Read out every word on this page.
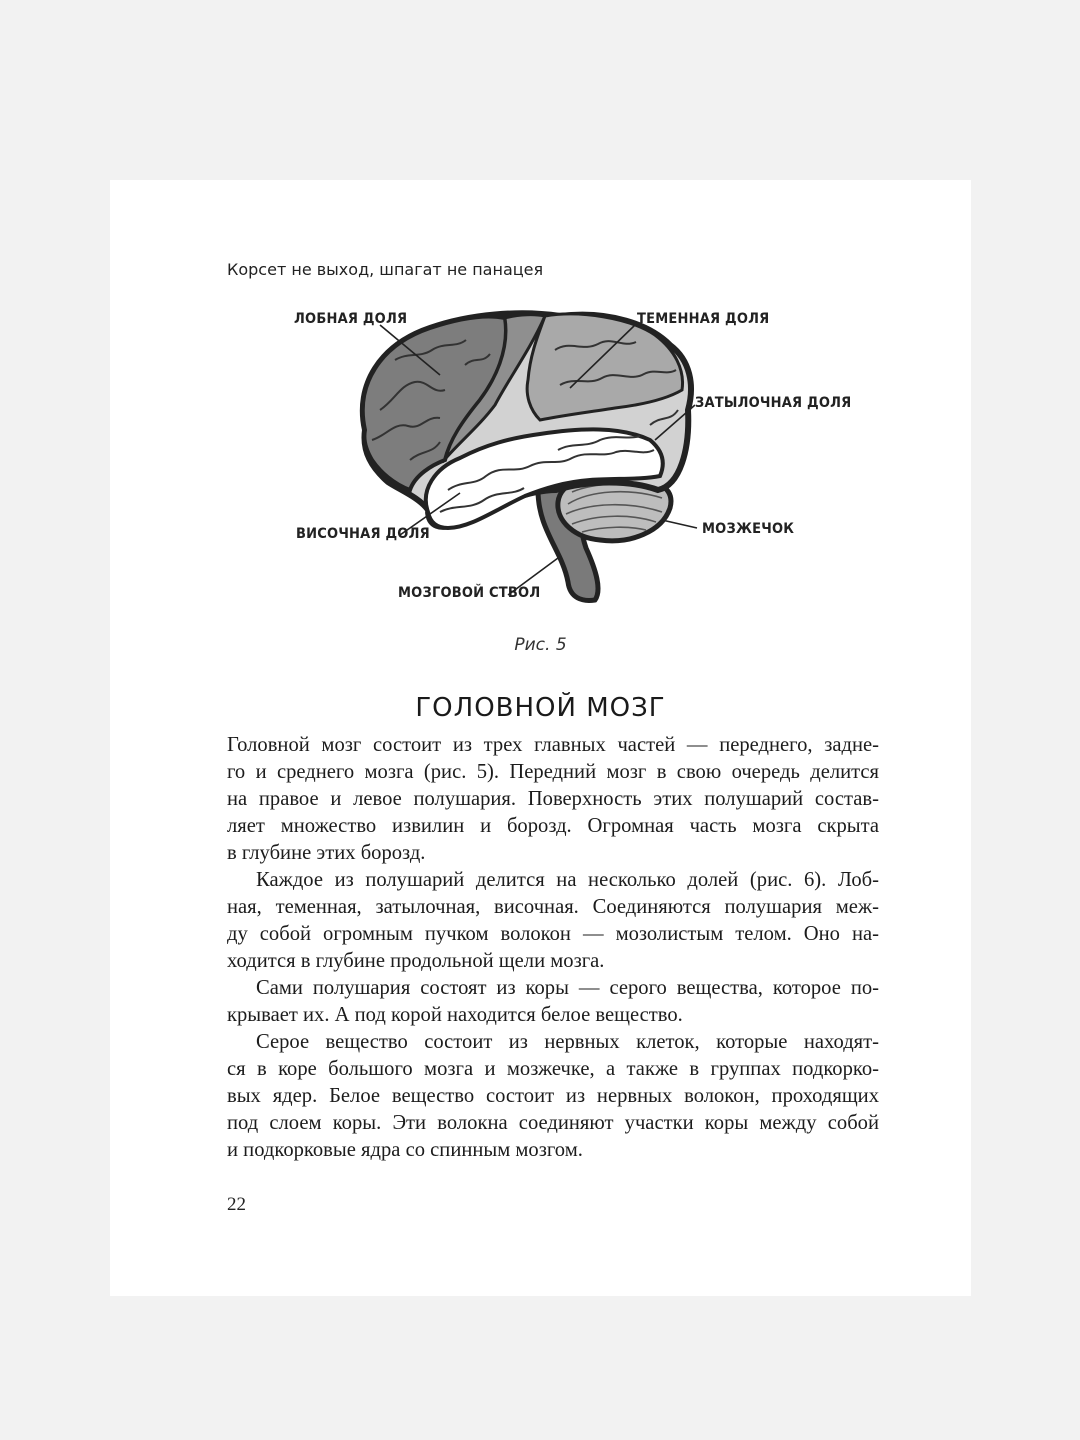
Корсет не выход, шпагат не панацея
ЛОБНАЯ ДОЛЯ	ТЕМЕННАЯ ДОЛЯ
ЗАТЫЛОЧНАЯ ДОЛЯ
ВИСОЧНАЯ ДОЛЯ	МОЗЖЕЧОК
МОЗГОВОЙ СТВОЛ
Рис. 5
ГОЛОВНОЙ МОЗГ

Головной мозг состоит из трех главных частей — переднего, задне-
го и среднего мозга (рис. 5). Передний мозг в свою очередь делится
на правое и левое полушария. Поверхность этих полушарий состав-
ляет множество извилин и борозд. Огромная часть мозга скрыта
в глубине этих борозд.

Каждое из полушарий делится на несколько долей (рис. 6). Лоб-
ная, теменная, затылочная, височная. Соединяются полушария меж-
ду собой огромным пучком волокон — мозолистым телом. Оно на-
ходится в глубине продольной щели мозга.

Сами полушария состоят из коры — серого вещества, которое по-
крывает их. А под корой находится белое вещество.

Серое вещество состоит из нервных клеток, которые находят-
ся в коре большого мозга и мозжечке, а также в группах подкорко-
вых ядер. Белое вещество состоит из нервных волокон, проходящих
под слоем коры. Эти волокна соединяют участки коры между собой
и подкорковые ядра со спинным мозгом.

22
